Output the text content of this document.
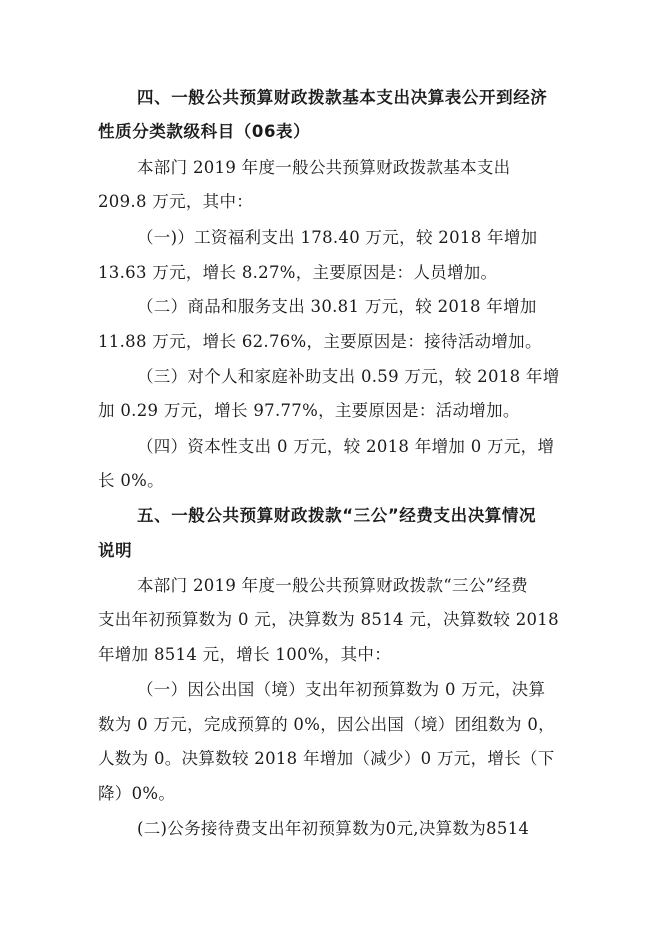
四、一般公共预算财政拨款基本支出决算表公开到经济
性质分类款级科目（06表）
本部门 2019 年度一般公共预算财政拨款基本支出
209.8 万元，其中：
（一)）工资福利支出 178.40 万元，较 2018 年增加
13.63 万元，增长 8.27%，主要原因是：人员增加。
（二）商品和服务支出 30.81 万元，较 2018 年增加
11.88 万元，增长 62.76%，主要原因是：接待活动增加。
（三）对个人和家庭补助支出 0.59 万元，较 2018 年增
加 0.29 万元，增长 97.77%，主要原因是：活动增加。
（四）资本性支出 0 万元，较 2018 年增加 0 万元，增
长 0%。
五、一般公共预算财政拨款“三公”经费支出决算情况
说明
本部门 2019 年度一般公共预算财政拨款“三公”经费
支出年初预算数为 0 元，决算数为 8514 元，决算数较 2018
年增加 8514 元，增长 100%，其中：
（一）因公出国（境）支出年初预算数为 0 万元，决算
数为 0 万元，完成预算的 0%，因公出国（境）团组数为 0，
人数为 0。决算数较 2018 年增加（减少）0 万元，增长（下
降）0%。
(二)公务接待费支出年初预算数为0元,决算数为8514
